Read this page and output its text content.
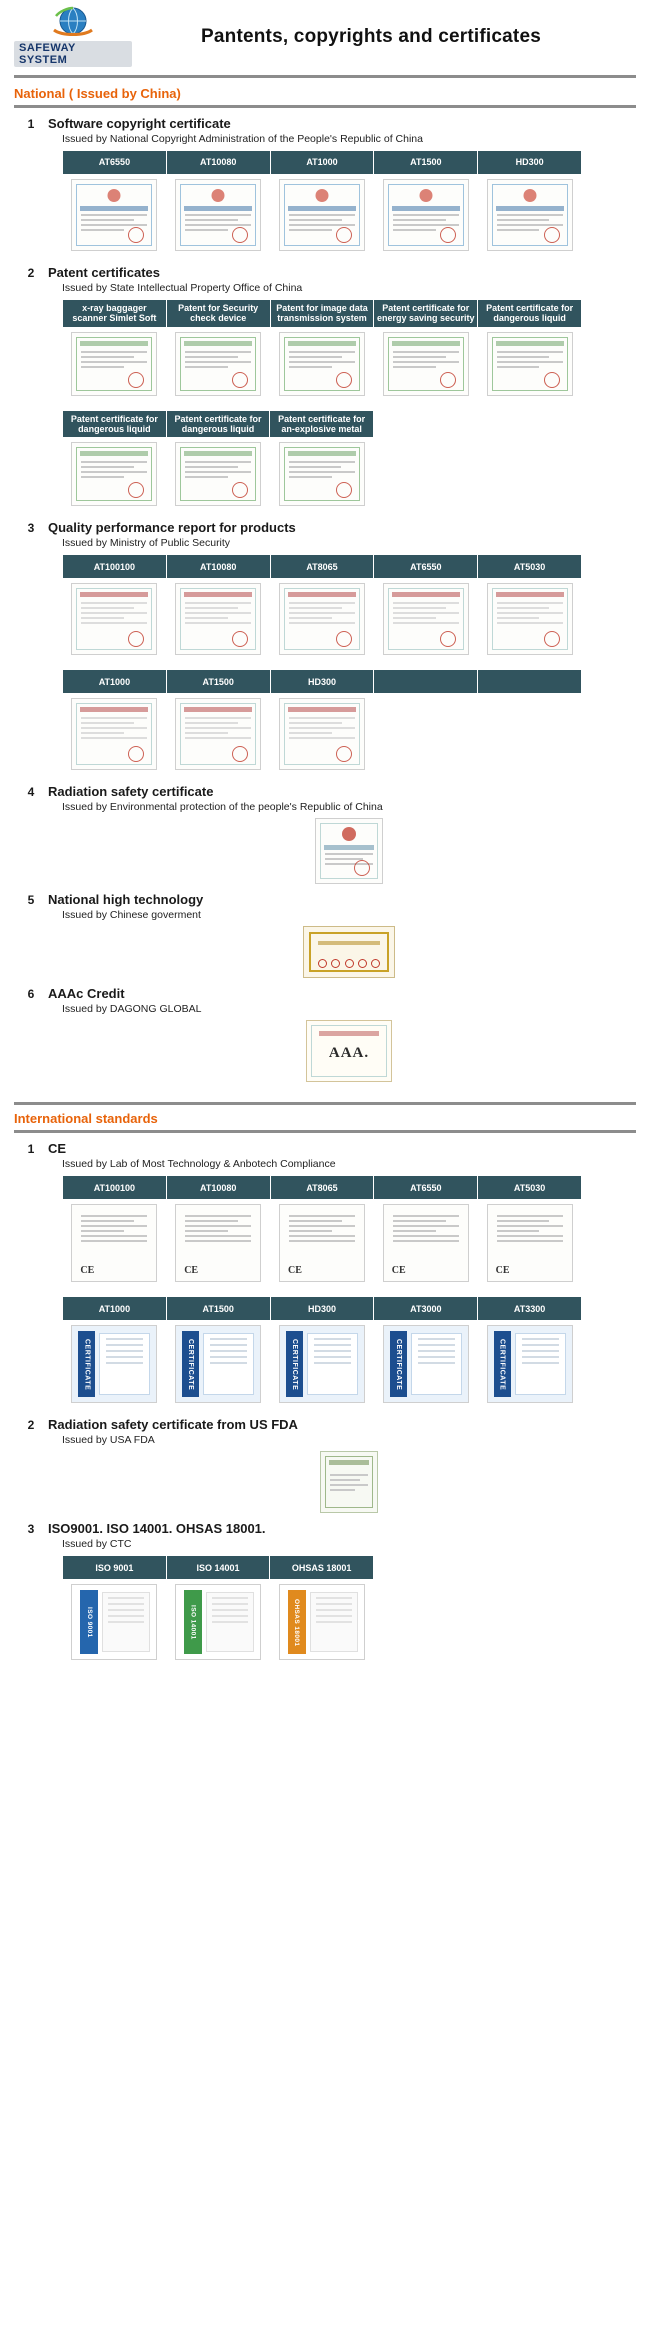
SAFEWAY SYSTEM
Pantents, copyrights and certificates
National ( Issued by China)
1	Software copyright certificate
Issued by National Copyright Administration of the People's Republic of China
AT6550	AT10080	AT1000	AT1500	HD300

2	Patent certificates
Issued by State Intellectual Property Office of China
x-ray baggager scanner Simlet Soft	Patent for Security check device	Patent for image data transmission system	Patent certificate for energy saving security	Patent certificate for dangerous liquid

Patent certificate for dangerous liquid	Patent certificate for dangerous liquid	Patent certificate for an-explosive metal

3	Quality performance report for products
Issued by Ministry of Public Security
AT100100	AT10080	AT8065	AT6550	AT5030

AT1000	AT1500	HD300		

4	Radiation safety certificate
Issued by Environmental protection of the people's Republic of China
5	National high technology
Issued by Chinese goverment
6	AAAc Credit
Issued by DAGONG GLOBAL
AAA.
International standards
1	CE
Issued by Lab of Most Technology & Anbotech Compliance
AT100100	AT10080	AT8065	AT6550	AT5030

CE	CE	CE	CE	CE
AT1000	AT1500	HD300	AT3000	AT3300

CERTIFICATE	CERTIFICATE	CERTIFICATE	CERTIFICATE	CERTIFICATE
2	Radiation safety certificate from US FDA
Issued by USA FDA
3	ISO9001. ISO 14001. OHSAS 18001.
Issued by CTC
ISO 9001	ISO 14001	OHSAS 18001

ISO 9001	ISO 14001	OHSAS 18001
